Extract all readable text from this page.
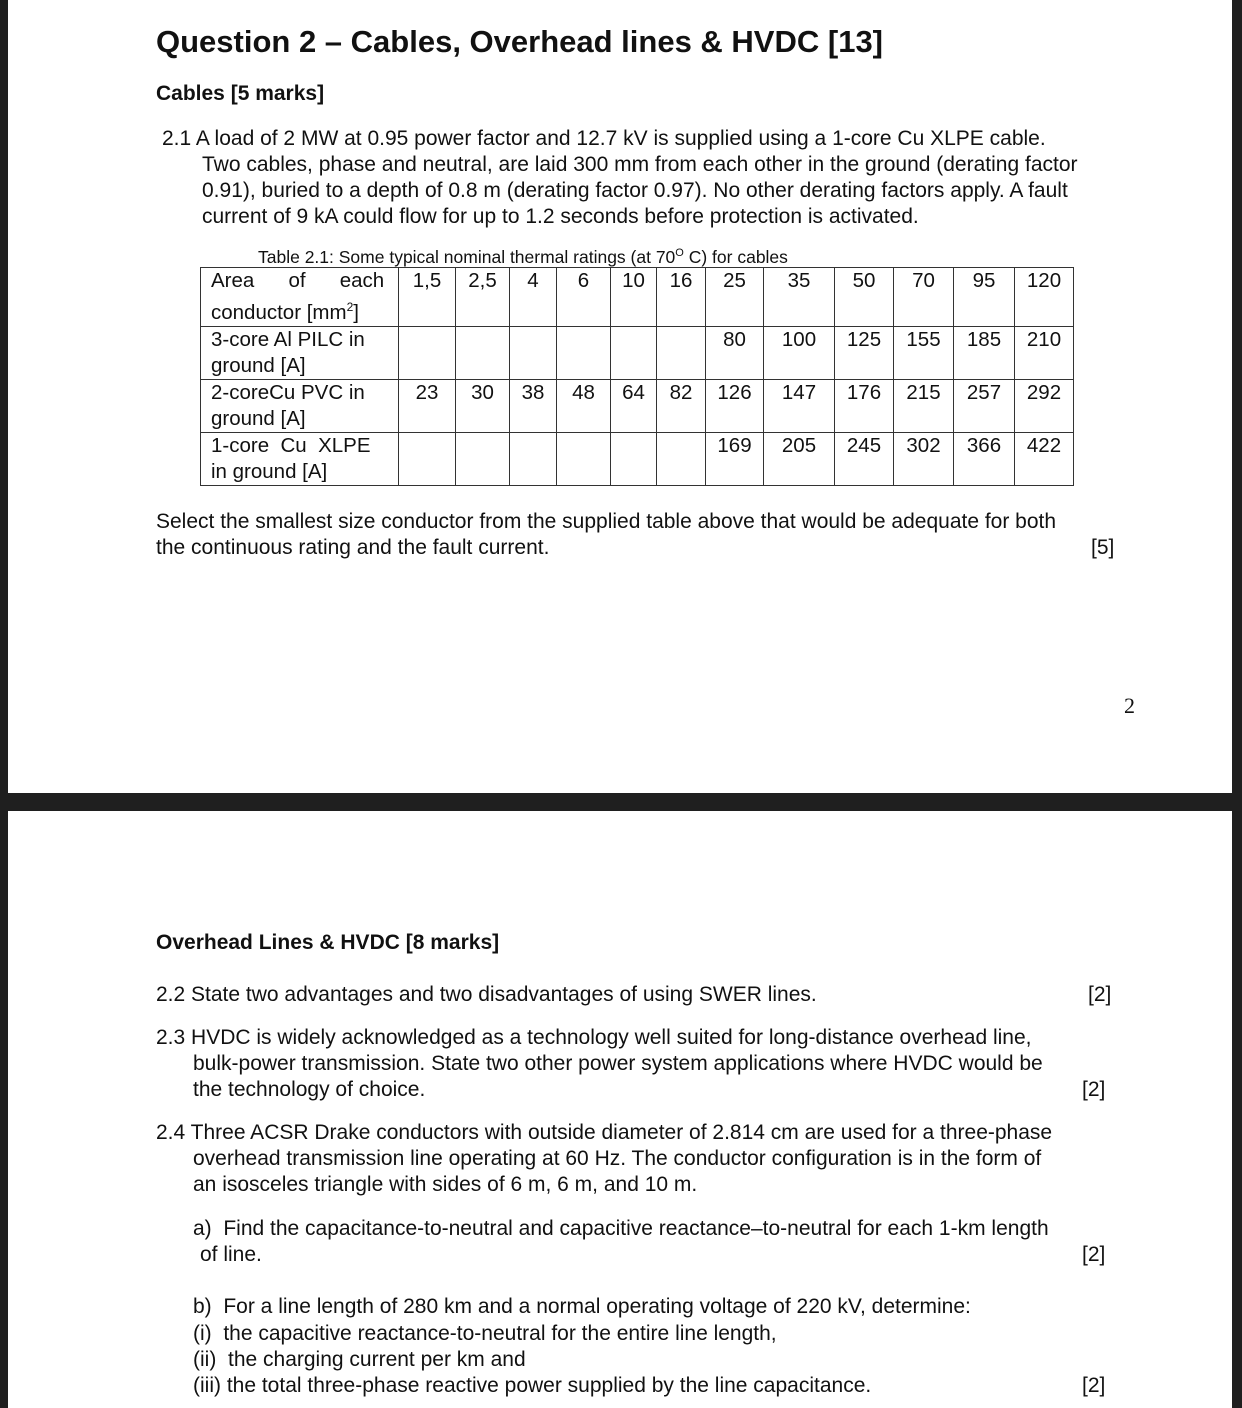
Question 2 – Cables, Overhead lines & HVDC [13]
Cables [5 marks]
2.1 A load of 2 MW at 0.95 power factor and 12.7 kV is supplied using a 1-core Cu XLPE cable.
Two cables, phase and neutral, are laid 300 mm from each other in the ground (derating factor
0.91), buried to a depth of 0.8 m (derating factor 0.97). No other derating factors apply. A fault
current of 9 kA could flow for up to 1.2 seconds before protection is activated.
Table 2.1: Some typical nominal thermal ratings (at $70^O$ C) for cables
Area      of      each
conductor $[mm^2]$	1,5	2,5	4	6	10	16	25	35	50	70	95	120

3-core Al PILC in
ground [A]							80	100	125	155	185	210

2-coreCu PVC in
ground [A]	23	30	38	48	64	82	126	147	176	215	257	292

1-core  Cu  XLPE
in ground [A]							169	205	245	302	366	422
Select the smallest size conductor from the supplied table above that would be adequate for both
the continuous rating and the fault current.	[5]
2
Overhead Lines & HVDC [8 marks]
2.2 State two advantages and two disadvantages of using SWER lines.	[2]
2.3 HVDC is widely acknowledged as a technology well suited for long-distance overhead line,
bulk-power transmission. State two other power system applications where HVDC would be
the technology of choice.	[2]
2.4 Three ACSR Drake conductors with outside diameter of 2.814 cm are used for a three-phase
overhead transmission line operating at 60 Hz. The conductor configuration is in the form of
an isosceles triangle with sides of 6 m, 6 m, and 10 m.
a)  Find the capacitance-to-neutral and capacitive reactance–to-neutral for each 1-km length
of line.	[2]
b)  For a line length of 280 km and a normal operating voltage of 220 kV, determine:
(i)  the capacitive reactance-to-neutral for the entire line length,
(ii)  the charging current per km and
(iii) the total three-phase reactive power supplied by the line capacitance.	[2]
